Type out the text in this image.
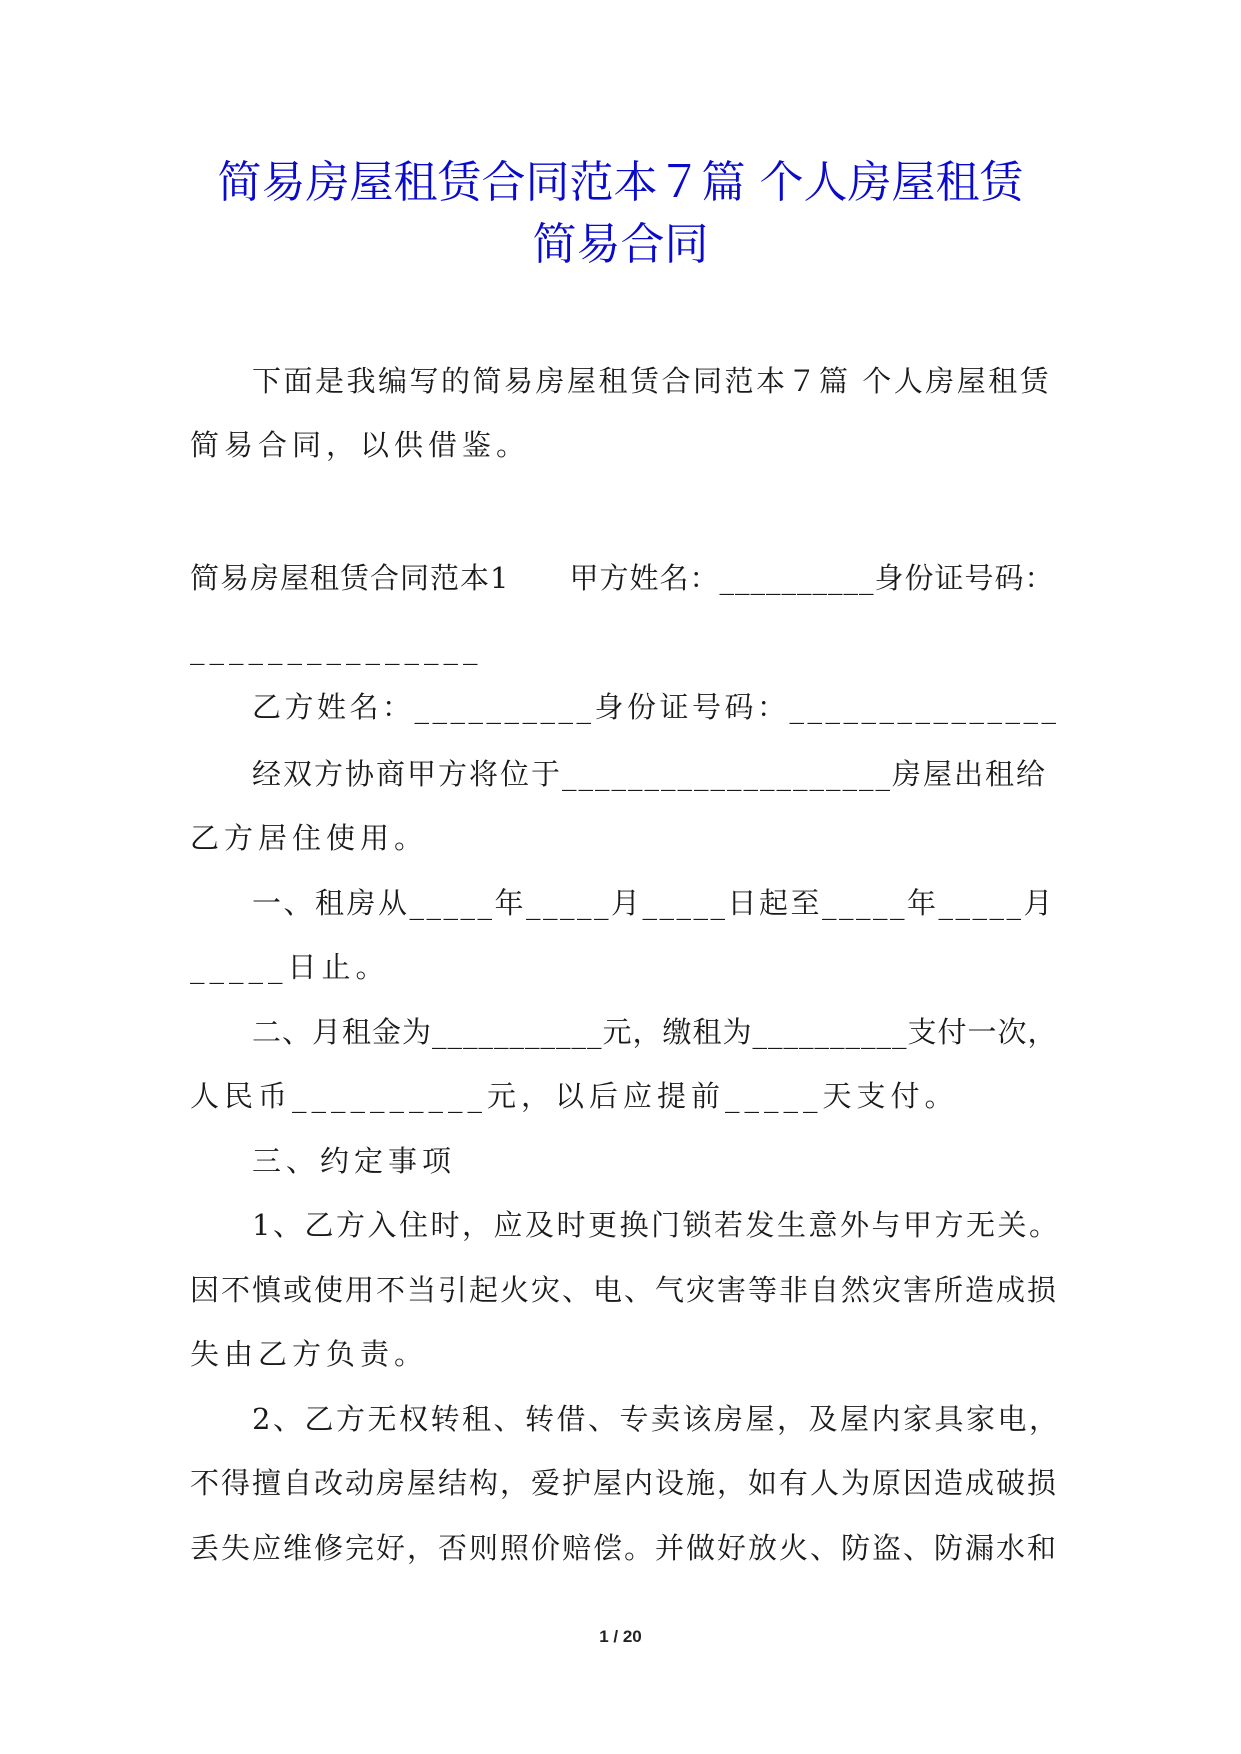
简易房屋租赁合同范本７篇 个人房屋租赁
简易合同

下面是我编写的简易房屋租赁合同范本７篇 个人房屋租赁

简易合同，以供借鉴。

简易房屋租赁合同范本1　　甲方姓名：__________身份证号码：

_______________

乙方姓名：__________身份证号码：_______________

经双方协商甲方将位于____________________房屋出租给

乙方居住使用。

一、租房从_____年_____月_____日起至_____年_____月

_____日止。

二、月租金为___________元，缴租为__________支付一次，

人民币__________元，以后应提前_____天支付。

三、约定事项

1、乙方入住时，应及时更换门锁若发生意外与甲方无关。

因不慎或使用不当引起火灾、电、气灾害等非自然灾害所造成损

失由乙方负责。

2、乙方无权转租、转借、专卖该房屋，及屋内家具家电，

不得擅自改动房屋结构，爱护屋内设施，如有人为原因造成破损

丢失应维修完好，否则照价赔偿。并做好放火、防盗、防漏水和

1 / 20
